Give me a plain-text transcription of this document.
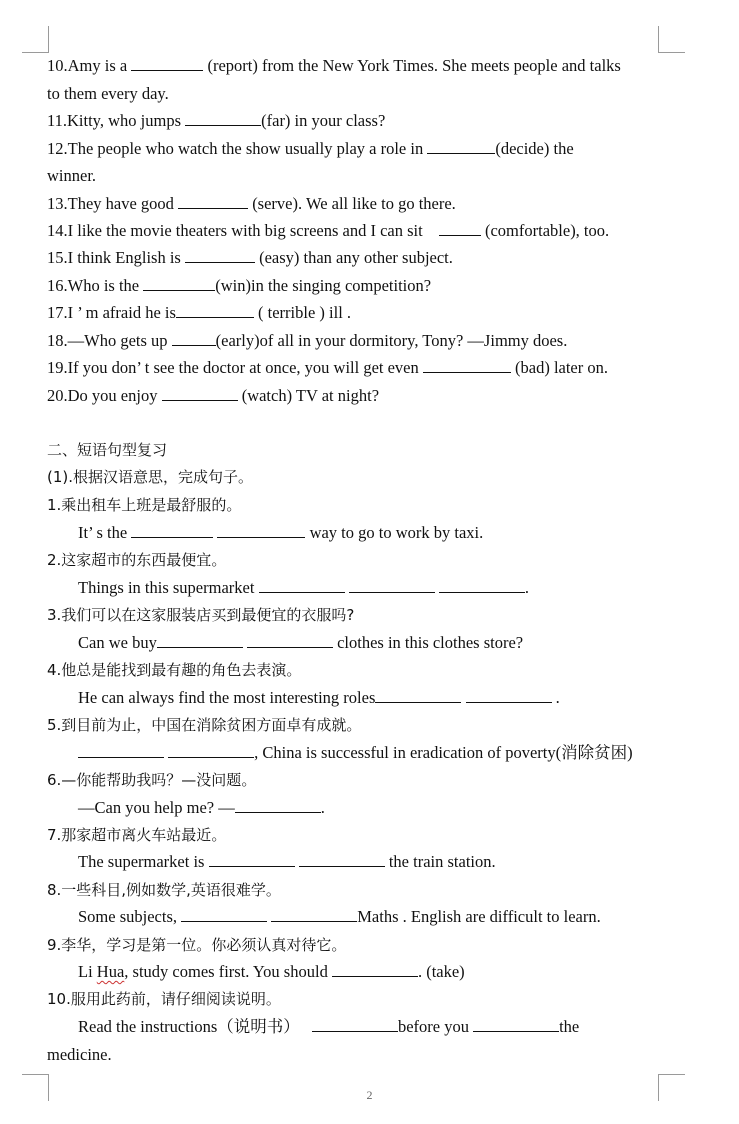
10.Amy is a	(report) from the New York Times. She meets people and talks
to them every day.
11.Kitty, who jumps	(far) in your class?
12.The people who watch the show usually play a role in	(decide) the
winner.
13.They have good	(serve). We all like to go there.
14.I like the movie theaters with big screens and I can sit	(comfortable), too.
15.I think English is	(easy) than any other subject.
16.Who is the	(win)in the singing competition?
17.I ’ m afraid he is	( terrible ) ill .
18.—Who gets up	(early)of all in your dormitory, Tony? —Jimmy does.
19.If you don’ t see the doctor at once, you will get even	(bad) later on.
20.Do you enjoy	(watch) TV at night?
二、短语句型复习
(1).根据汉语意思，完成句子。
1.乘出租车上班是最舒服的。
It’ s the	way to go to work by taxi.
2.这家超市的东西最便宜。
Things in this supermarket	.
3.我们可以在这家服装店买到最便宜的衣服吗?
Can we buy	clothes in this clothes store?
4.他总是能找到最有趣的角色去表演。
He can always find the most interesting roles	.
5.到目前为止，中国在消除贫困方面卓有成就。
, China is successful in eradication of poverty(消除贫困)
6.—你能帮助我吗？—没问题。
—Can you help me? —	.
7.那家超市离火车站最近。
The supermarket is	the train station.
8.一些科目,例如数学,英语很难学。
Some subjects,	Maths . English are difficult to learn.
9.李华，学习是第一位。你必须认真对待它。
Li Hua, study comes first. You should	. (take)
10.服用此药前，请仔细阅读说明。
Read the instructions（说明书）	before you	the
medicine.
2
